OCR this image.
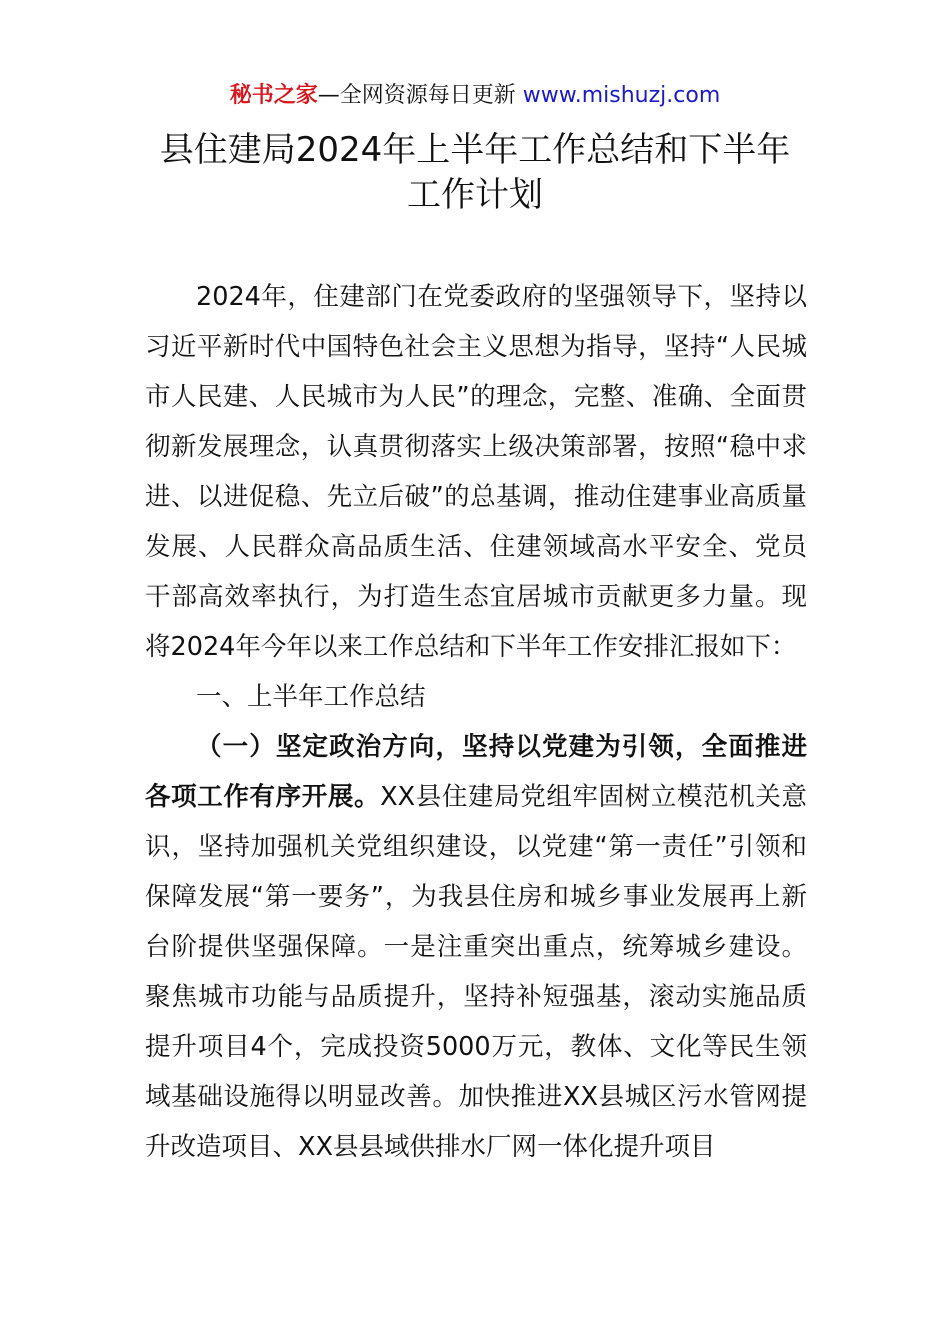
秘书之家—全网资源每日更新 www.mishuzj.com
县住建局2024年上半年工作总结和下半年
工作计划

2024年，住建部门在党委政府的坚强领导下，坚持以习近平新时代中国特色社会主义思想为指导，坚持“人民城市人民建、人民城市为人民”的理念，完整、准确、全面贯彻新发展理念，认真贯彻落实上级决策部署，按照“稳中求进、以进促稳、先立后破”的总基调，推动住建事业高质量发展、人民群众高品质生活、住建领域高水平安全、党员干部高效率执行，为打造生态宜居城市贡献更多力量。现将2024年今年以来工作总结和下半年工作安排汇报如下：

一、上半年工作总结

（一）坚定政治方向，坚持以党建为引领，全面推进各项工作有序开展。XX县住建局党组牢固树立模范机关意识，坚持加强机关党组织建设，以党建“第一责任”引领和保障发展“第一要务”，为我县住房和城乡事业发展再上新台阶提供坚强保障。一是注重突出重点，统筹城乡建设。聚焦城市功能与品质提升，坚持补短强基，滚动实施品质提升项目4个，完成投资5000万元，教体、文化等民生领域基础设施得以明显改善。加快推进XX县城区污水管网提升改造项目、XX县县域供排水厂网一体化提升项目
